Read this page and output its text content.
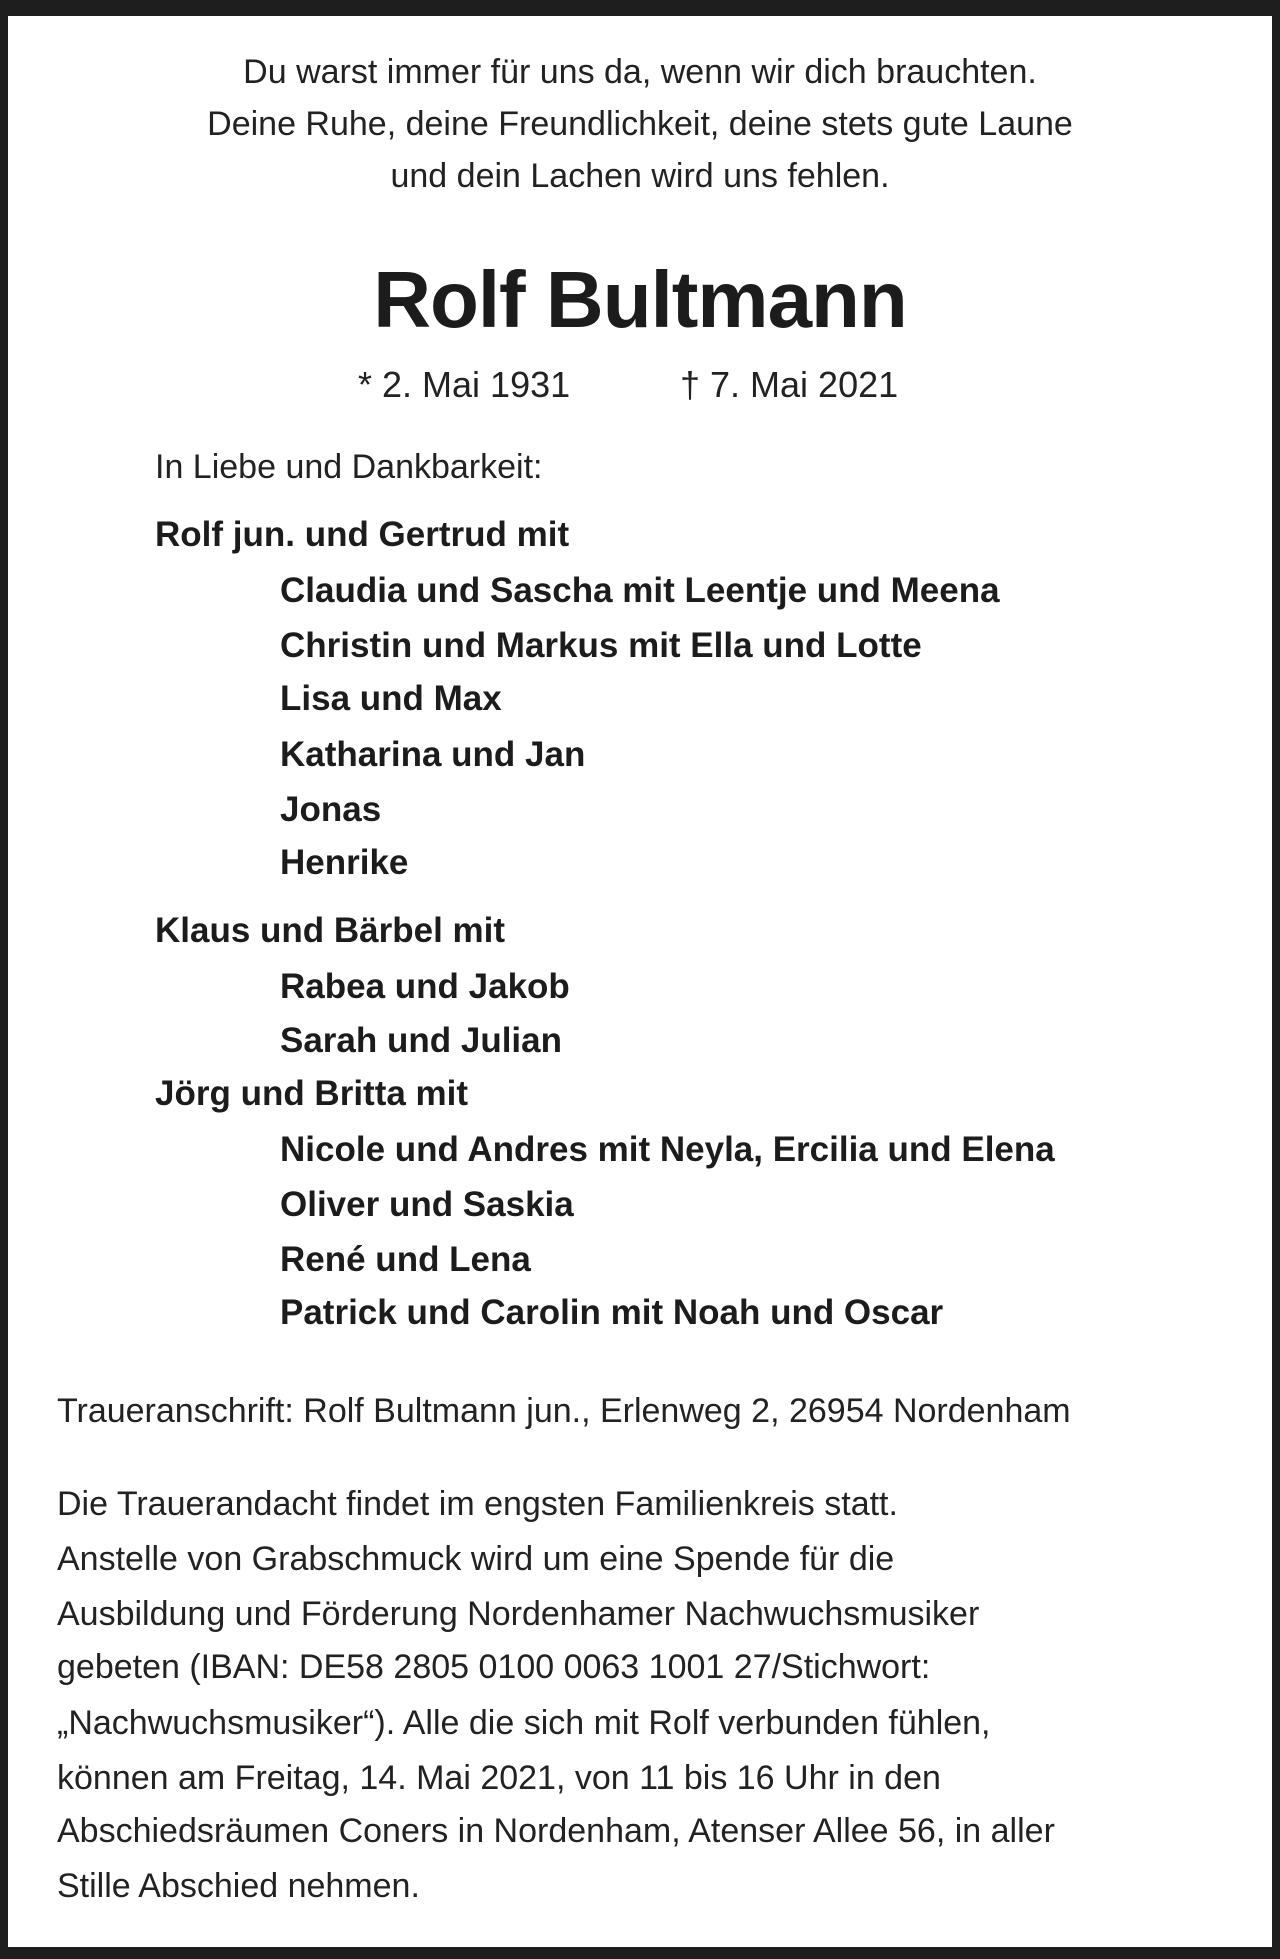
Du warst immer für uns da, wenn wir dich brauchten.
Deine Ruhe, deine Freundlichkeit, deine stets gute Laune
und dein Lachen wird uns fehlen.
Rolf Bultmann
* 2. Mai 1931	† 7. Mai 2021
In Liebe und Dankbarkeit:
Rolf jun. und Gertrud mit
Claudia und Sascha mit Leentje und Meena
Christin und Markus mit Ella und Lotte
Lisa und Max
Katharina und Jan
Jonas
Henrike
Klaus und Bärbel mit
Rabea und Jakob
Sarah und Julian
Jörg und Britta mit
Nicole und Andres mit Neyla, Ercilia und Elena
Oliver und Saskia
René und Lena
Patrick und Carolin mit Noah und Oscar
Traueranschrift: Rolf Bultmann jun., Erlenweg 2, 26954 Nordenham
Die Trauerandacht findet im engsten Familienkreis statt.
Anstelle von Grabschmuck wird um eine Spende für die
Ausbildung und Förderung Nordenhamer Nachwuchsmusiker
gebeten (IBAN: DE58 2805 0100 0063 1001 27/Stichwort:
„Nachwuchsmusiker“). Alle die sich mit Rolf verbunden fühlen,
können am Freitag, 14. Mai 2021, von 11 bis 16 Uhr in den
Abschiedsräumen Coners in Nordenham, Atenser Allee 56, in aller
Stille Abschied nehmen.
